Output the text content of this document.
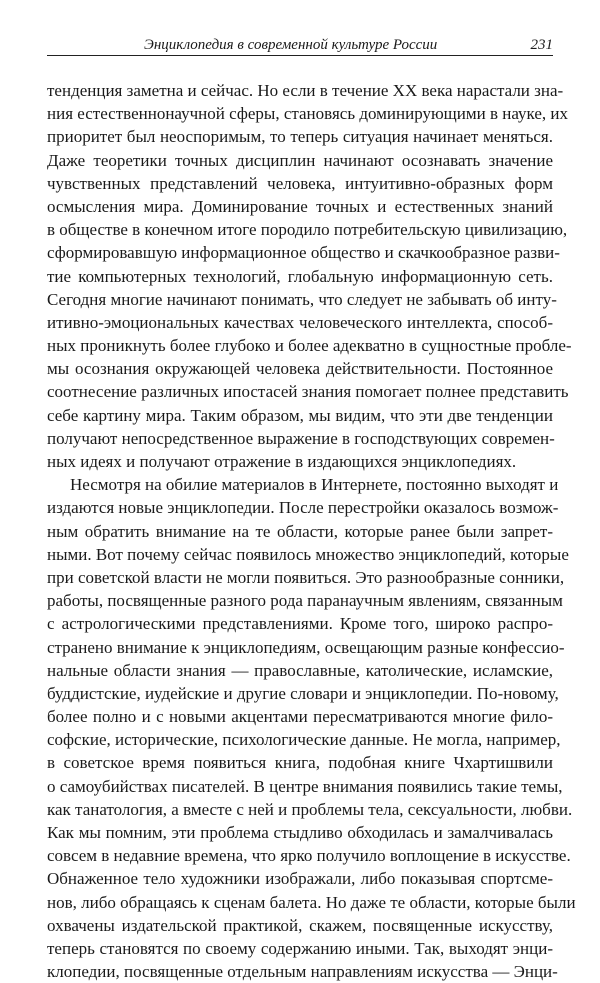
Энциклопедия в современной культуре России	231
тенденция заметна и сейчас. Но если в течение XX века нарастали зна-
ния естественнонаучной сферы, становясь доминирующими в науке, их
приоритет был неоспоримым, то теперь ситуация начинает меняться.
Даже теоретики точных дисциплин начинают осознавать значение
чувственных представлений человека, интуитивно-образных форм
осмысления мира. Доминирование точных и естественных знаний
в обществе в конечном итоге породило потребительскую цивилизацию,
сформировавшую информационное общество и скачкообразное разви-
тие компьютерных технологий, глобальную информационную сеть.
Сегодня многие начинают понимать, что следует не забывать об инту-
итивно-эмоциональных качествах человеческого интеллекта, способ-
ных проникнуть более глубоко и более адекватно в сущностные пробле-
мы осознания окружающей человека действительности. Постоянное
соотнесение различных ипостасей знания помогает полнее представить
себе картину мира. Таким образом, мы видим, что эти две тенденции
получают непосредственное выражение в господствующих современ-
ных идеях и получают отражение в издающихся энциклопедиях.
Несмотря на обилие материалов в Интернете, постоянно выходят и
издаются новые энциклопедии. После перестройки оказалось возмож-
ным обратить внимание на те области, которые ранее были запрет-
ными. Вот почему сейчас появилось множество энциклопедий, которые
при советской власти не могли появиться. Это разнообразные сонники,
работы, посвященные разного рода паранаучным явлениям, связанным
с астрологическими представлениями. Кроме того, широко распро-
странено внимание к энциклопедиям, освещающим разные конфессио-
нальные области знания — православные, католические, исламские,
буддистские, иудейские и другие словари и энциклопедии. По-новому,
более полно и с новыми акцентами пересматриваются многие фило-
софские, исторические, психологические данные. Не могла, например,
в советское время появиться книга, подобная книге Чхартишвили
о самоубийствах писателей. В центре внимания появились такие темы,
как танатология, а вместе с ней и проблемы тела, сексуальности, любви.
Как мы помним, эти проблема стыдливо обходилась и замалчивалась
совсем в недавние времена, что ярко получило воплощение в искусстве.
Обнаженное тело художники изображали, либо показывая спортсме-
нов, либо обращаясь к сценам балета. Но даже те области, которые были
охвачены издательской практикой, скажем, посвященные искусству,
теперь становятся по своему содержанию иными. Так, выходят энци-
клопедии, посвященные отдельным направлениям искусства — Энци-
